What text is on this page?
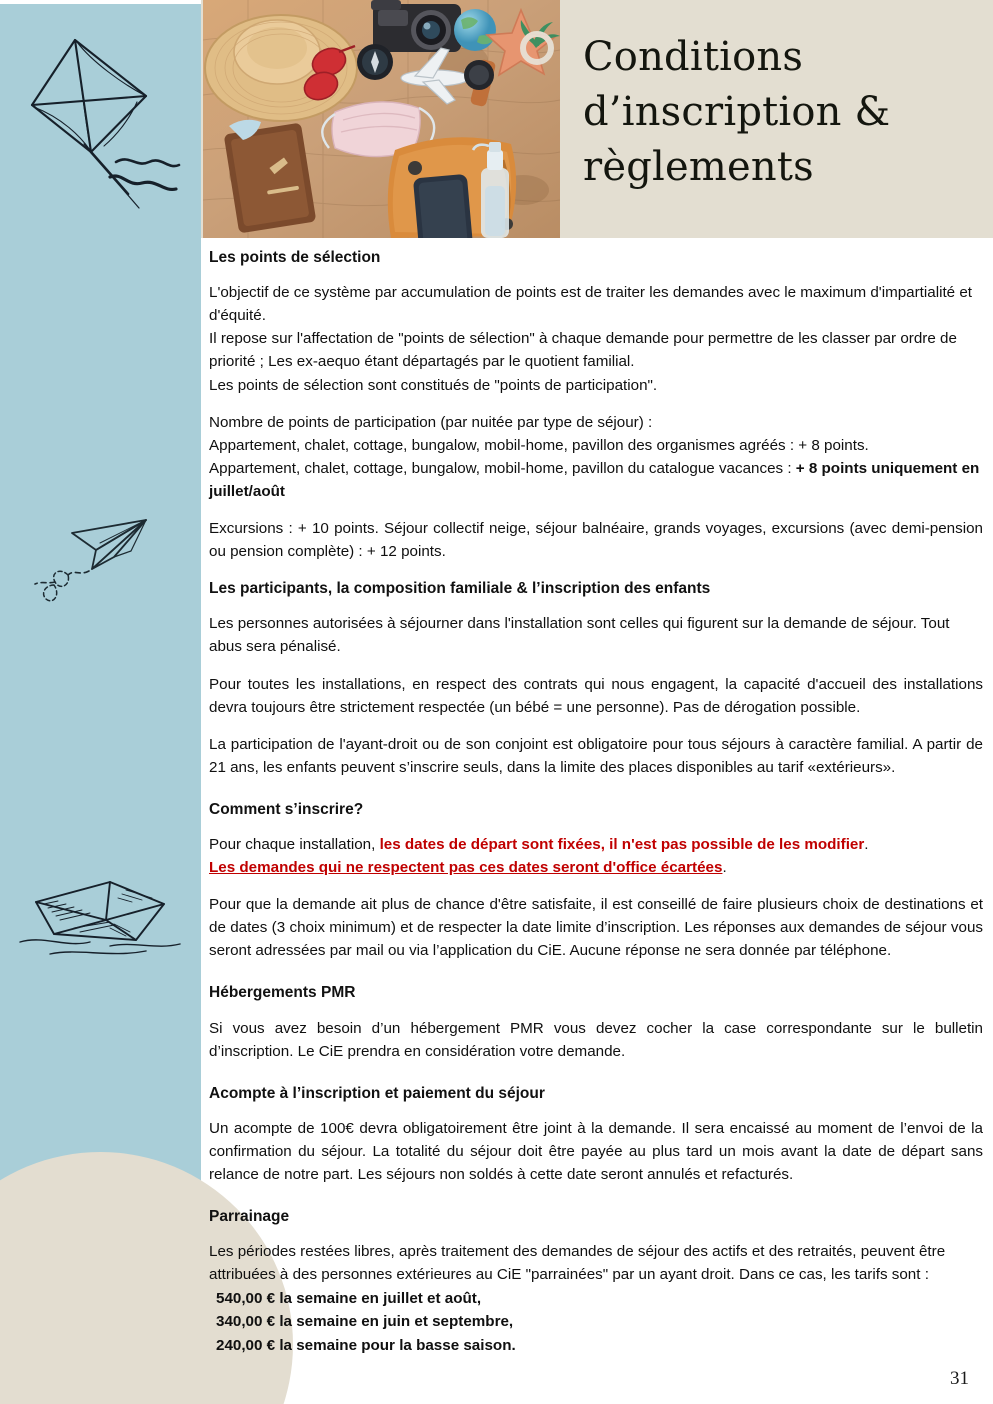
Conditions
d’inscription &
règlements
Les points de sélection

L'objectif de ce système par accumulation de points est de traiter les demandes avec le maximum d'impartialité et d'équité.
Il repose sur l'affectation de "points de sélection" à chaque demande pour permettre de les classer par ordre de priorité ; Les ex-aequo étant départagés par le quotient familial.
Les points de sélection sont constitués de "points de participation".

Nombre de points de participation (par nuitée par type de séjour) :
Appartement, chalet, cottage, bungalow, mobil-home, pavillon des organismes agréés : + 8 points.
Appartement, chalet, cottage, bungalow, mobil-home, pavillon du catalogue vacances : + 8 points uniquement en juillet/août

Excursions : + 10 points. Séjour collectif neige, séjour balnéaire, grands voyages, excursions (avec demi-pension ou pension complète) : + 12 points.

Les participants, la composition familiale & l’inscription des enfants

Les personnes autorisées à séjourner dans l'installation sont celles qui figurent sur la demande de séjour. Tout abus sera pénalisé.

Pour toutes les installations, en respect des contrats qui nous engagent, la capacité d'accueil des installations devra toujours être strictement respectée (un bébé = une personne). Pas de dérogation possible.

La participation de l'ayant-droit ou de son conjoint est obligatoire pour tous séjours à caractère familial. A partir de 21 ans, les enfants peuvent s’inscrire seuls, dans la limite des places disponibles au tarif «extérieurs».

Comment s’inscrire?

Pour chaque installation, les dates de départ sont fixées, il n'est pas possible de les modifier.
Les demandes qui ne respectent pas ces dates seront d'office écartées.

Pour que la demande ait plus de chance d'être satisfaite, il est conseillé de faire plusieurs choix de destinations et de dates (3 choix minimum) et de respecter la date limite d’inscription. Les réponses aux demandes de séjour vous seront adressées par mail ou via l’application du CiE. Aucune réponse ne sera donnée par téléphone.

Hébergements PMR

Si vous avez besoin d’un hébergement PMR vous devez cocher la case correspondante sur le bulletin d’inscription. Le CiE prendra en considération votre demande.

Acompte à l’inscription et paiement du séjour

Un acompte de 100€ devra obligatoirement être joint à la demande. Il sera encaissé au moment de l’envoi de la confirmation du séjour. La totalité du séjour doit être payée au plus tard un mois avant la date de départ sans relance de notre part. Les séjours non soldés à cette date seront annulés et refacturés.

Parrainage

Les périodes restées libres, après traitement des demandes de séjour des actifs et des retraités, peuvent être attribuées à des personnes extérieures au CiE "parrainées" par un ayant droit. Dans ce cas, les tarifs sont :
540,00 € la semaine en juillet et août,
340,00 € la semaine en juin et septembre,
240,00 € la semaine pour la basse saison.

31
